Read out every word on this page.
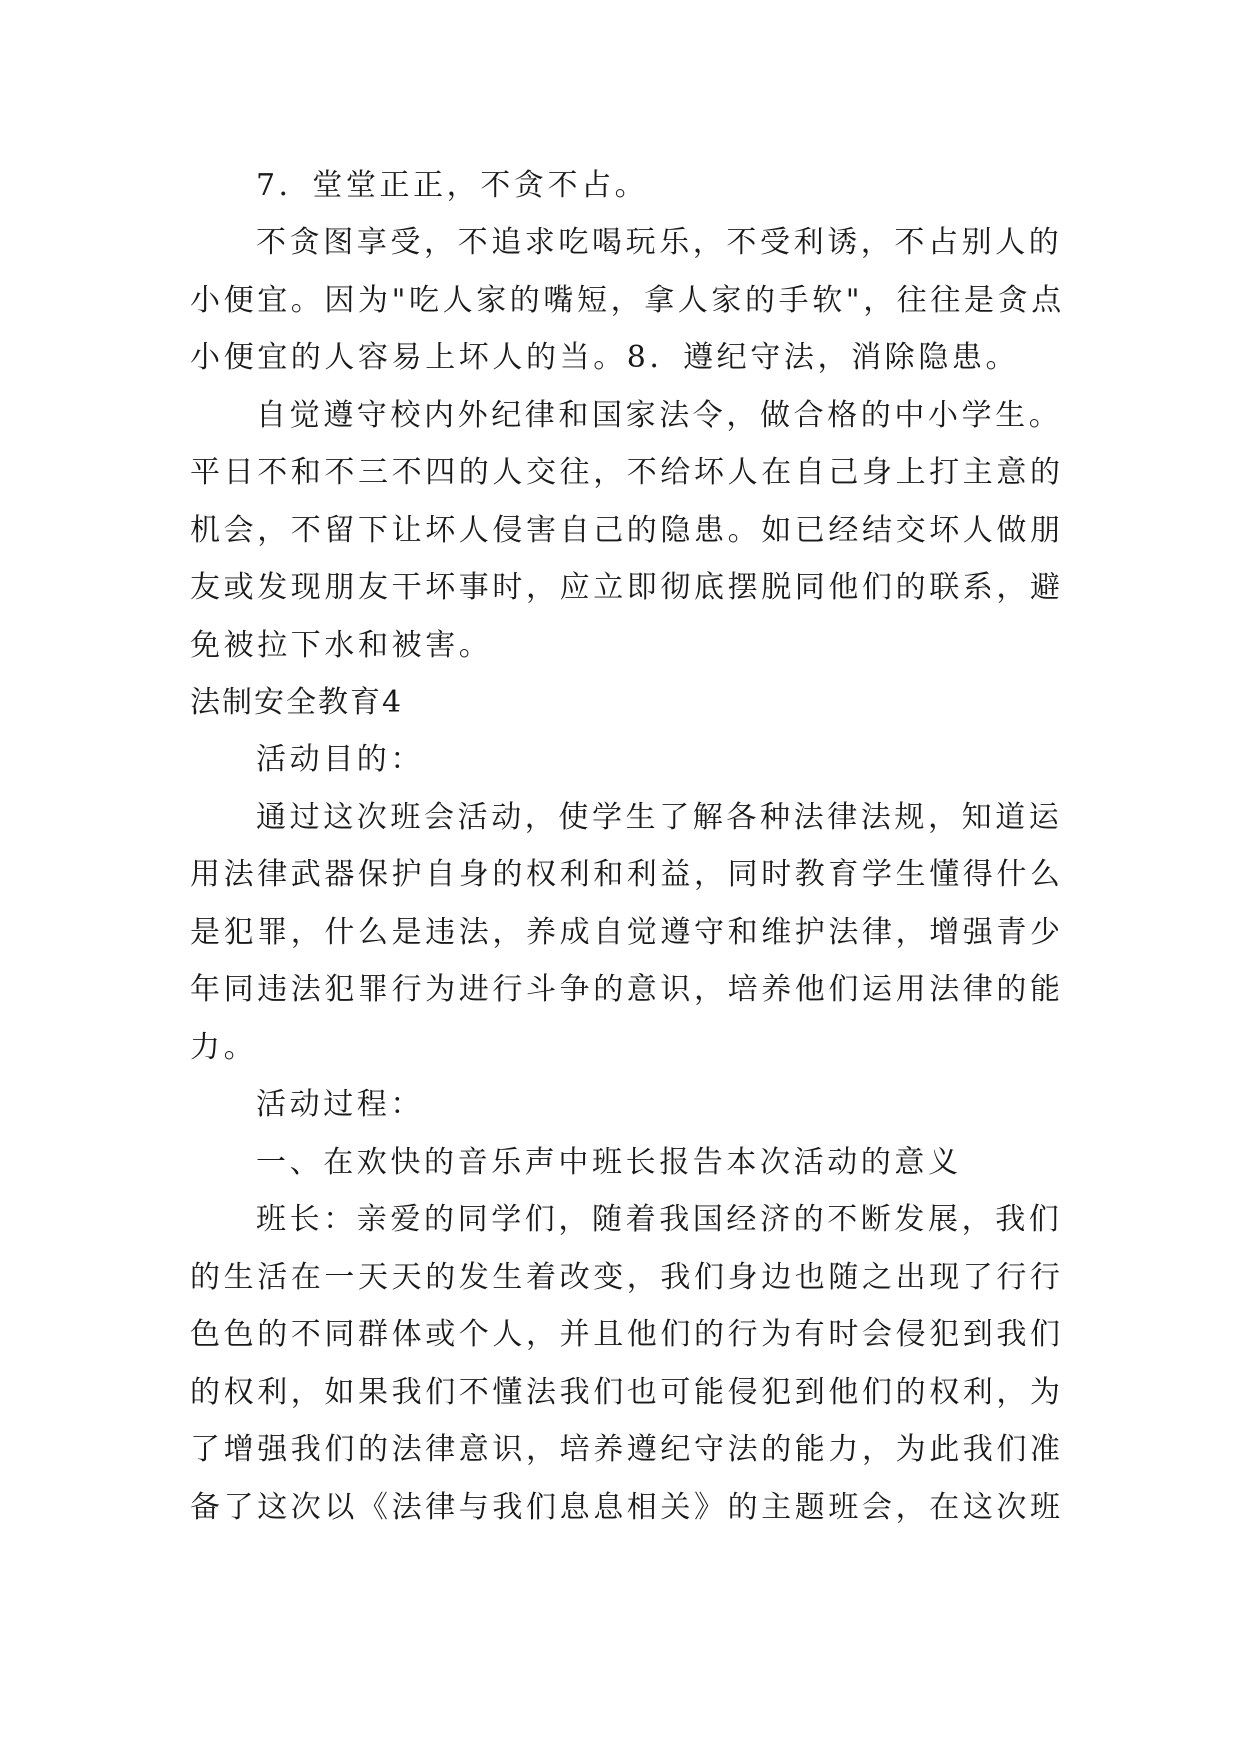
7．堂堂正正，不贪不占。
不贪图享受，不追求吃喝玩乐，不受利诱，不占别人的
小便宜。因为"吃人家的嘴短，拿人家的手软"，往往是贪点
小便宜的人容易上坏人的当。8．遵纪守法，消除隐患。
自觉遵守校内外纪律和国家法令，做合格的中小学生。
平日不和不三不四的人交往，不给坏人在自己身上打主意的
机会，不留下让坏人侵害自己的隐患。如已经结交坏人做朋
友或发现朋友干坏事时，应立即彻底摆脱同他们的联系，避
免被拉下水和被害。
法制安全教育4
活动目的：
通过这次班会活动，使学生了解各种法律法规，知道运
用法律武器保护自身的权利和利益，同时教育学生懂得什么
是犯罪，什么是违法，养成自觉遵守和维护法律，增强青少
年同违法犯罪行为进行斗争的意识，培养他们运用法律的能
力。
活动过程：
一、在欢快的音乐声中班长报告本次活动的意义
班长：亲爱的同学们，随着我国经济的不断发展，我们
的生活在一天天的发生着改变，我们身边也随之出现了行行
色色的不同群体或个人，并且他们的行为有时会侵犯到我们
的权利，如果我们不懂法我们也可能侵犯到他们的权利，为
了增强我们的法律意识，培养遵纪守法的能力，为此我们准
备了这次以《法律与我们息息相关》的主题班会，在这次班
